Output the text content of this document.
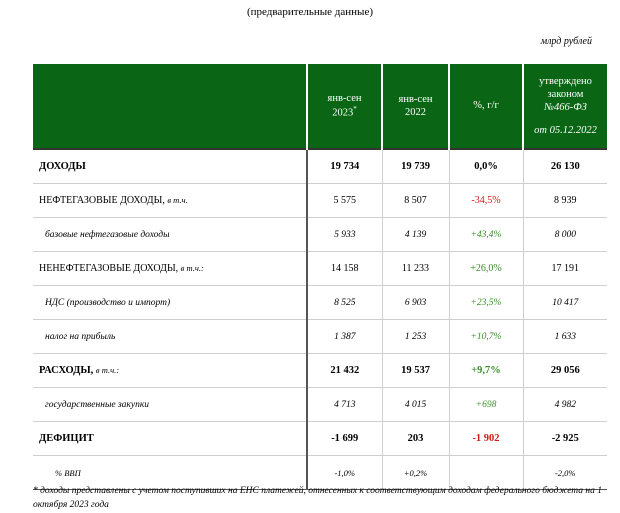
(предварительные данные)
млрд рублей

	янв-сен
2023*	янв-сен
2022	%, г/г	утверждено
законом
№466-ФЗ
от 05.12.2022

ДОХОДЫ	19 734	19 739	0,0%	26 130
НЕФТЕГАЗОВЫЕ ДОХОДЫ, в т.ч.	5 575	8 507	-34,5%	8 939
базовые нефтегазовые доходы	5 933	4 139	+43,4%	8 000
НЕНЕФТЕГАЗОВЫЕ ДОХОДЫ, в т.ч.:	14 158	11 233	+26,0%	17 191
НДС (производство и импорт)	8 525	6 903	+23,5%	10 417
налог на прибыль	1 387	1 253	+10,7%	1 633
РАСХОДЫ, в т.ч.:	21 432	19 537	+9,7%	29 056
государственные закупки	4 713	4 015	+698	4 982
ДЕФИЦИТ	-1 699	203	-1 902	-2 925
% ВВП	-1,0%	+0,2%		-2,0%
* доходы представлены с учетом поступивших на ЕНС платежей, отнесенных к соответствующим доходам федерального бюджета на 1 октября 2023 года
